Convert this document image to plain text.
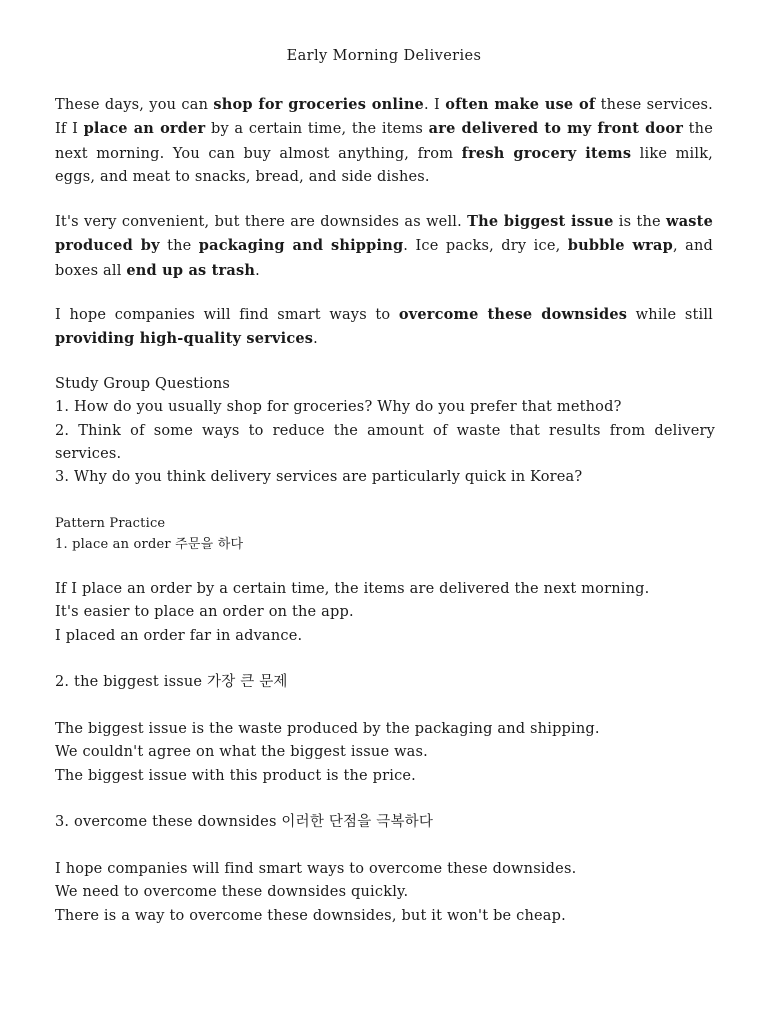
Early Morning Deliveries

These days, you can shop for groceries online. I often make use of these services. If I place an order by a certain time, the items are delivered to my front door the next morning. You can buy almost anything, from fresh grocery items like milk, eggs, and meat to snacks, bread, and side dishes.

It's very convenient, but there are downsides as well. The biggest issue is the waste produced by the packaging and shipping. Ice packs, dry ice, bubble wrap, and boxes all end up as trash.

I hope companies will find smart ways to overcome these downsides while still providing high-quality services.

Study Group Questions
1. How do you usually shop for groceries? Why do you prefer that method?
2. Think of some ways to reduce the amount of waste that results from delivery services.
3. Why do you think delivery services are particularly quick in Korea?
Pattern Practice
1. place an order 주문을 하다
If I place an order by a certain time, the items are delivered the next morning.
It's easier to place an order on the app.
I placed an order far in advance.
2. the biggest issue 가장 큰 문제
The biggest issue is the waste produced by the packaging and shipping.
We couldn't agree on what the biggest issue was.
The biggest issue with this product is the price.
3. overcome these downsides 이러한 단점을 극복하다
I hope companies will find smart ways to overcome these downsides.
We need to overcome these downsides quickly.
There is a way to overcome these downsides, but it won't be cheap.
